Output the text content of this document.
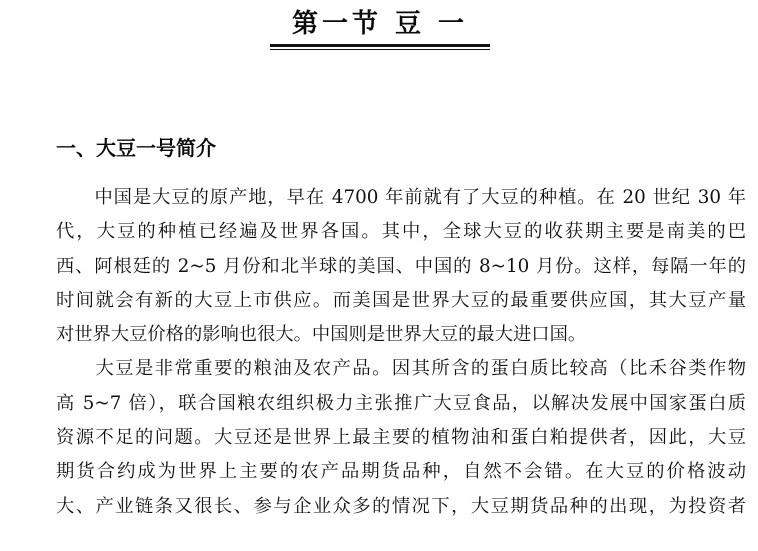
第一节 豆 一
一、大豆一号简介
　　中国是大豆的原产地，早在 4700 年前就有了大豆的种植。在 20 世纪 30 年
代，大豆的种植已经遍及世界各国。其中，全球大豆的收获期主要是南美的巴
西、阿根廷的 2~5 月份和北半球的美国、中国的 8~10 月份。这样，每隔一年的
时间就会有新的大豆上市供应。而美国是世界大豆的最重要供应国，其大豆产量
对世界大豆价格的影响也很大。中国则是世界大豆的最大进口国。
　　大豆是非常重要的粮油及农产品。因其所含的蛋白质比较高（比禾谷类作物
高 5~7 倍），联合国粮农组织极力主张推广大豆食品，以解决发展中国家蛋白质
资源不足的问题。大豆还是世界上最主要的植物油和蛋白粕提供者，因此，大豆
期货合约成为世界上主要的农产品期货品种，自然不会错。在大豆的价格波动
大、产业链条又很长、参与企业众多的情况下，大豆期货品种的出现，为投资者
